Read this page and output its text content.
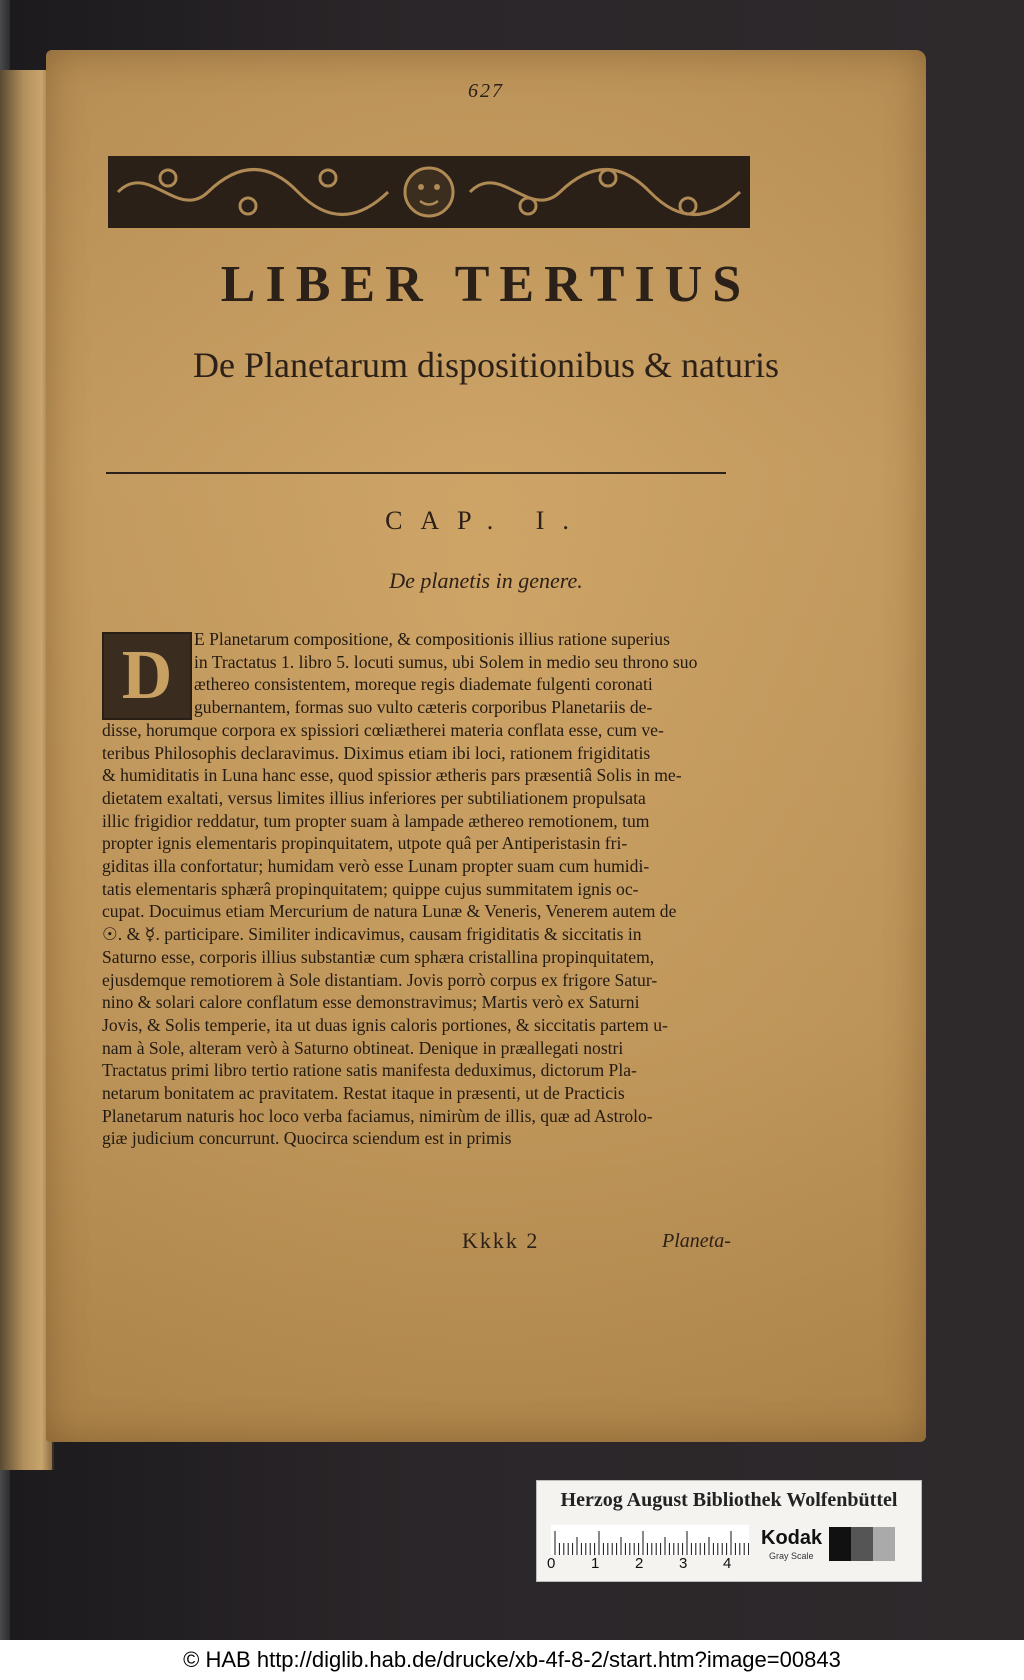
627
LIBER TERTIUS
De Planetarum dispositionibus & naturis
CAP. I.
De planetis in genere.
D	E Planetarum compositione, & compositionis illius ratione superius
in Tractatus 1. libro 5. locuti sumus, ubi Solem in medio seu throno suo
æthereo consistentem, moreque regis diademate fulgenti coronati
gubernantem, formas suo vulto cæteris corporibus Planetariis de-
disse, horumque corpora ex spissiori cœliætherei materia conflata esse, cum ve-
teribus Philosophis declaravimus. Diximus etiam ibi loci, rationem frigiditatis
& humiditatis in Luna hanc esse, quod spissior ætheris pars præsentiâ Solis in me-
dietatem exaltati, versus limites illius inferiores per subtiliationem propulsata
illic frigidior reddatur, tum propter suam à lampade æthereo remotionem, tum
propter ignis elementaris propinquitatem, utpote quâ per Antiperistasin fri-
giditas illa confortatur; humidam verò esse Lunam propter suam cum humidi-
tatis elementaris sphærâ propinquitatem; quippe cujus summitatem ignis oc-
cupat. Docuimus etiam Mercurium de natura Lunæ & Veneris, Venerem autem de
☉. & ☿. participare. Similiter indicavimus, causam frigiditatis & siccitatis in
Saturno esse, corporis illius substantiæ cum sphæra cristallina propinquitatem,
ejusdemque remotiorem à Sole distantiam. Jovis porrò corpus ex frigore Satur-
nino & solari calore conflatum esse demonstravimus; Martis verò ex Saturni
Jovis, & Solis temperie, ita ut duas ignis caloris portiones, & siccitatis partem u-
nam à Sole, alteram verò à Saturno obtineat. Denique in præallegati nostri
Tractatus primi libro tertio ratione satis manifesta deduximus, dictorum Pla-
netarum bonitatem ac pravitatem. Restat itaque in præsenti, ut de Practicis
Planetarum naturis hoc loco verba faciamus, nimirùm de illis, quæ ad Astrolo-
giæ judicium concurrunt. Quocirca sciendum est in primis
Kkkk 2	Planeta-
Herzog August Bibliothek Wolfenbüttel
0 1 2 3 4
Kodak
Gray Scale
© HAB http://diglib.hab.de/drucke/xb-4f-8-2/start.htm?image=00843
